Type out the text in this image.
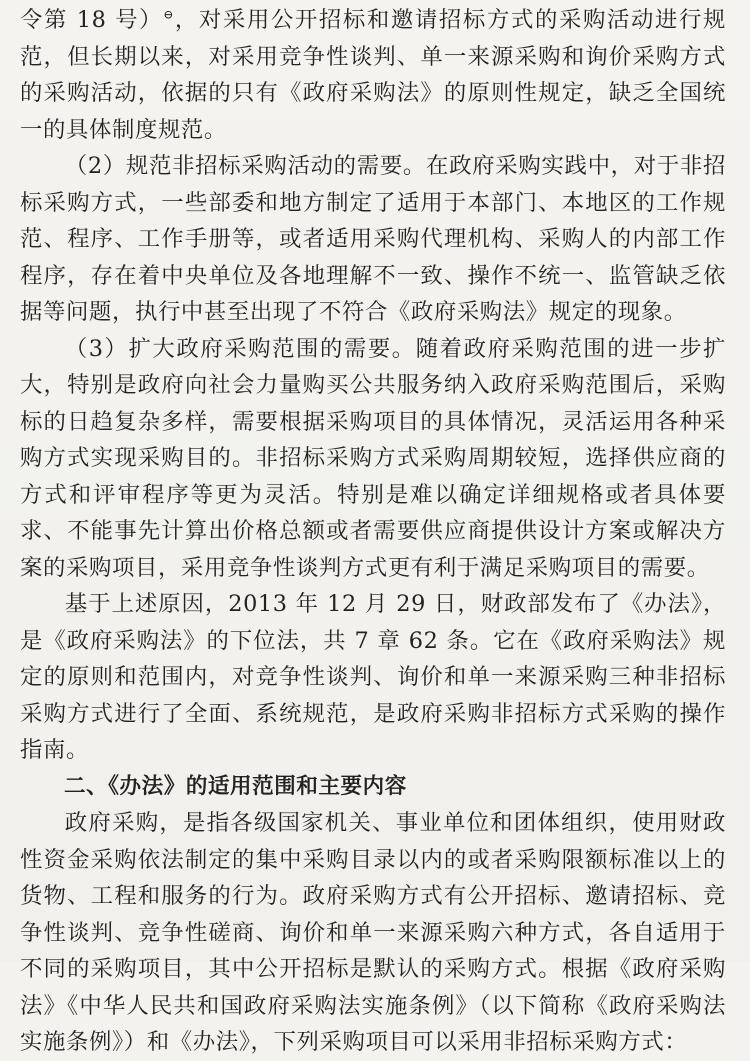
令第 18 号）⊖，对采用公开招标和邀请招标方式的采购活动进行规范，但长期以来，对采用竞争性谈判、单一来源采购和询价采购方式的采购活动，依据的只有《政府采购法》的原则性规定，缺乏全国统一的具体制度规范。

（2）规范非招标采购活动的需要。在政府采购实践中，对于非招标采购方式，一些部委和地方制定了适用于本部门、本地区的工作规范、程序、工作手册等，或者适用采购代理机构、采购人的内部工作程序，存在着中央单位及各地理解不一致、操作不统一、监管缺乏依据等问题，执行中甚至出现了不符合《政府采购法》规定的现象。

（3）扩大政府采购范围的需要。随着政府采购范围的进一步扩大，特别是政府向社会力量购买公共服务纳入政府采购范围后，采购标的日趋复杂多样，需要根据采购项目的具体情况，灵活运用各种采购方式实现采购目的。非招标采购方式采购周期较短，选择供应商的方式和评审程序等更为灵活。特别是难以确定详细规格或者具体要求、不能事先计算出价格总额或者需要供应商提供设计方案或解决方案的采购项目，采用竞争性谈判方式更有利于满足采购项目的需要。

基于上述原因，2013 年 12 月 29 日，财政部发布了《办法》，是《政府采购法》的下位法，共 7 章 62 条。它在《政府采购法》规定的原则和范围内，对竞争性谈判、询价和单一来源采购三种非招标采购方式进行了全面、系统规范，是政府采购非招标方式采购的操作指南。

二、《办法》的适用范围和主要内容

政府采购，是指各级国家机关、事业单位和团体组织，使用财政性资金采购依法制定的集中采购目录以内的或者采购限额标准以上的货物、工程和服务的行为。政府采购方式有公开招标、邀请招标、竞争性谈判、竞争性磋商、询价和单一来源采购六种方式，各自适用于不同的采购项目，其中公开招标是默认的采购方式。根据《政府采购法》《中华人民共和国政府采购法实施条例》（以下简称《政府采购法实施条例》）和《办法》，下列采购项目可以采用非招标采购方式：
